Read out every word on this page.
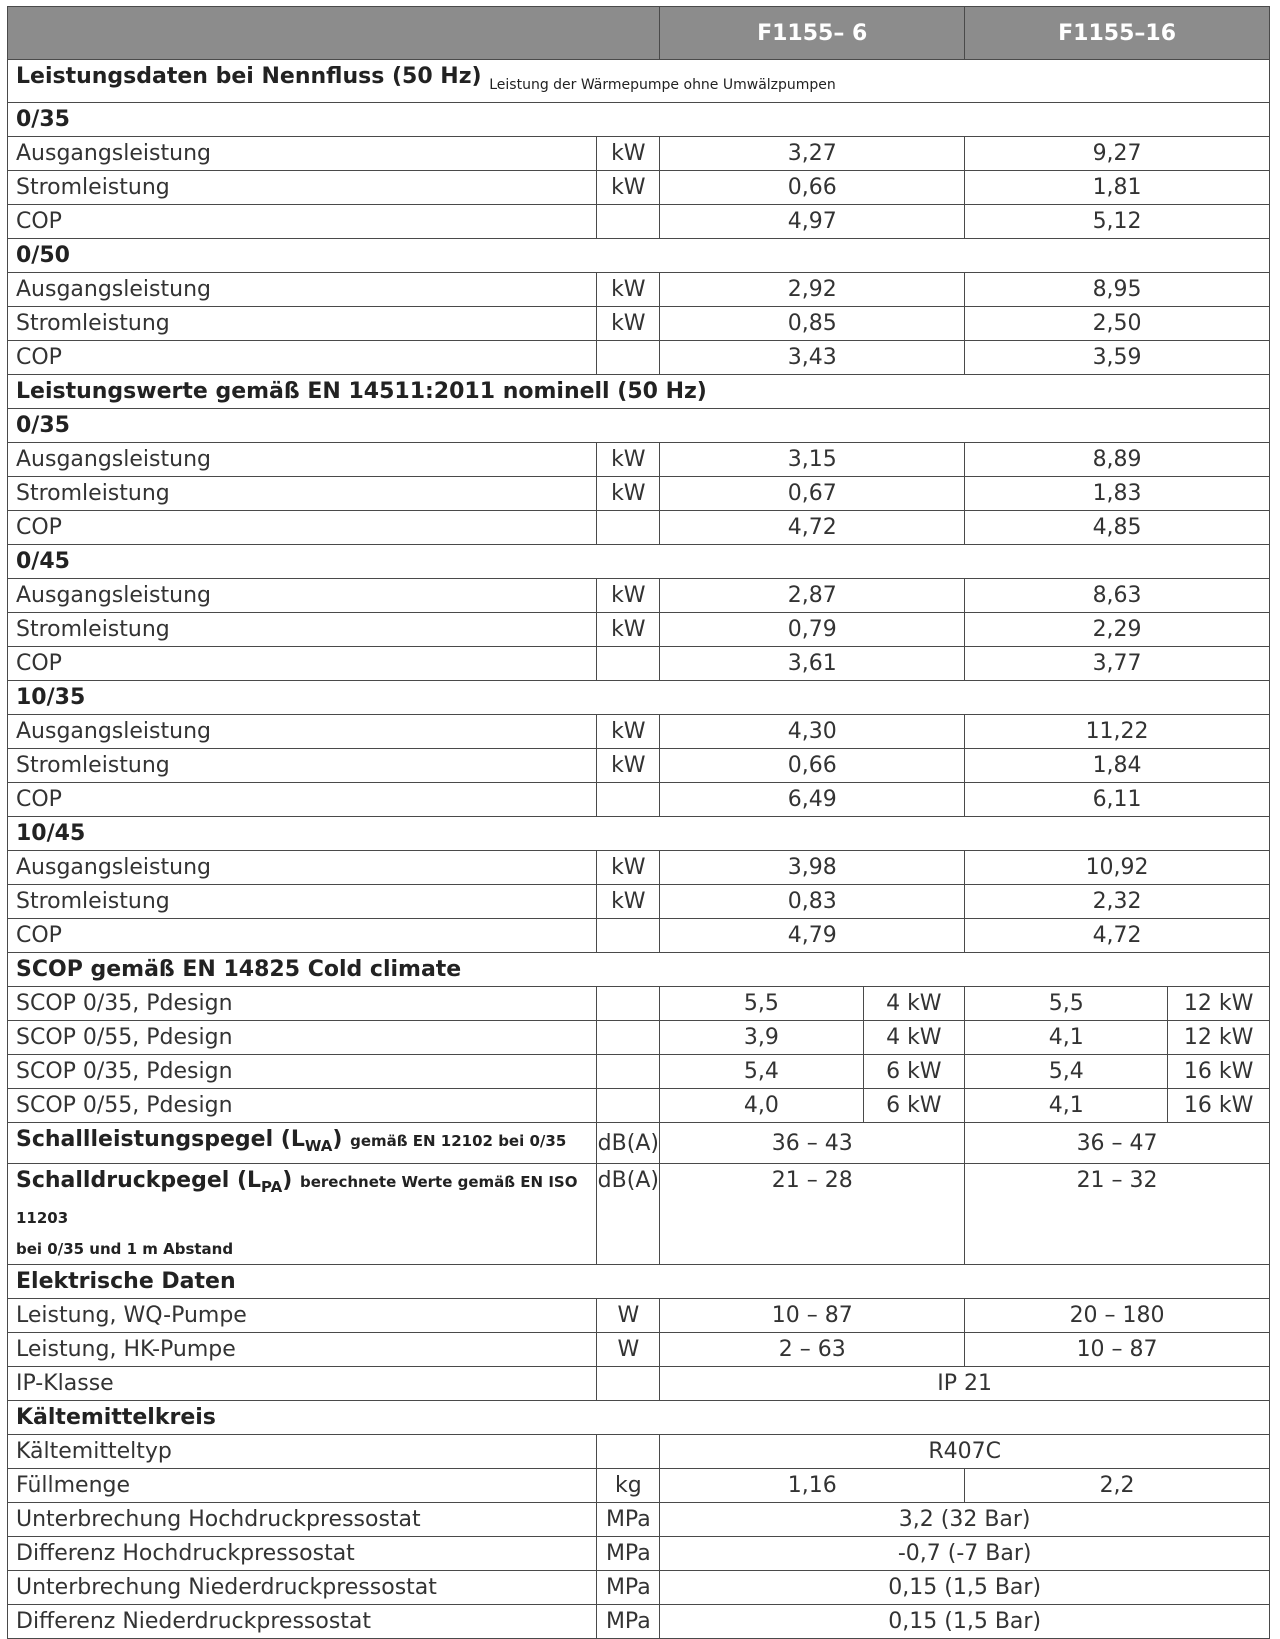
		F1155– 6		F1155–16	
Leistungsdaten bei Nennfluss (50 Hz) $_{Leistung der Wärmepumpe ohne Umwälzpumpen}$
0/35					
Ausgangsleistung	kW	3,27		9,27	
Stromleistung	kW	0,66		1,81	
COP		4,97		5,12	
0/50					
Ausgangsleistung	kW	2,92		8,95	
Stromleistung	kW	0,85		2,50	
COP		3,43		3,59	
Leistungswerte gemäß EN 14511:2011 nominell (50 Hz)					
0/35					
Ausgangsleistung	kW	3,15		8,89	
Stromleistung	kW	0,67		1,83	
COP		4,72		4,85	
0/45					
Ausgangsleistung	kW	2,87		8,63	
Stromleistung	kW	0,79		2,29	
COP		3,61		3,77	
10/35					
Ausgangsleistung	kW	4,30		11,22	
Stromleistung	kW	0,66		1,84	
COP		6,49		6,11	
10/45					
Ausgangsleistung	kW	3,98		10,92	
Stromleistung	kW	0,83		2,32	
COP		4,79		4,72	
SCOP gemäß EN 14825 Cold climate					
SCOP 0/35, Pdesign		5,5	4 kW	5,5	12 kW
SCOP 0/55, Pdesign		3,9	4 kW	4,1	12 kW
SCOP 0/35, Pdesign		5,4	6 kW	5,4	16 kW
SCOP 0/55, Pdesign		4,0	6 kW	4,1	16 kW
Schallleistungspegel $(L_{WA})$ gemäß EN 12102 bei 0/35	dB(A)	36 – 43		36 – 47	
Schalldruckpegel $(L_{PA})$ berechnete Werte gemäß EN ISO 11203
bei 0/35 und 1 m Abstand	dB(A)	21 – 28		21 – 32	
Elektrische Daten					
Leistung, WQ-Pumpe	W	10 – 87		20 – 180	
Leistung, HK-Pumpe	W	2 – 63		10 – 87	
IP-Klasse		IP 21			
Kältemittelkreis					
Kältemitteltyp		R407C			
Füllmenge	kg	1,16		2,2	
Unterbrechung Hochdruckpressostat	MPa	3,2 (32 Bar)			
Differenz Hochdruckpressostat	MPa	-0,7 (-7 Bar)			
Unterbrechung Niederdruckpressostat	MPa	0,15 (1,5 Bar)			
Differenz Niederdruckpressostat	MPa	0,15 (1,5 Bar)			
